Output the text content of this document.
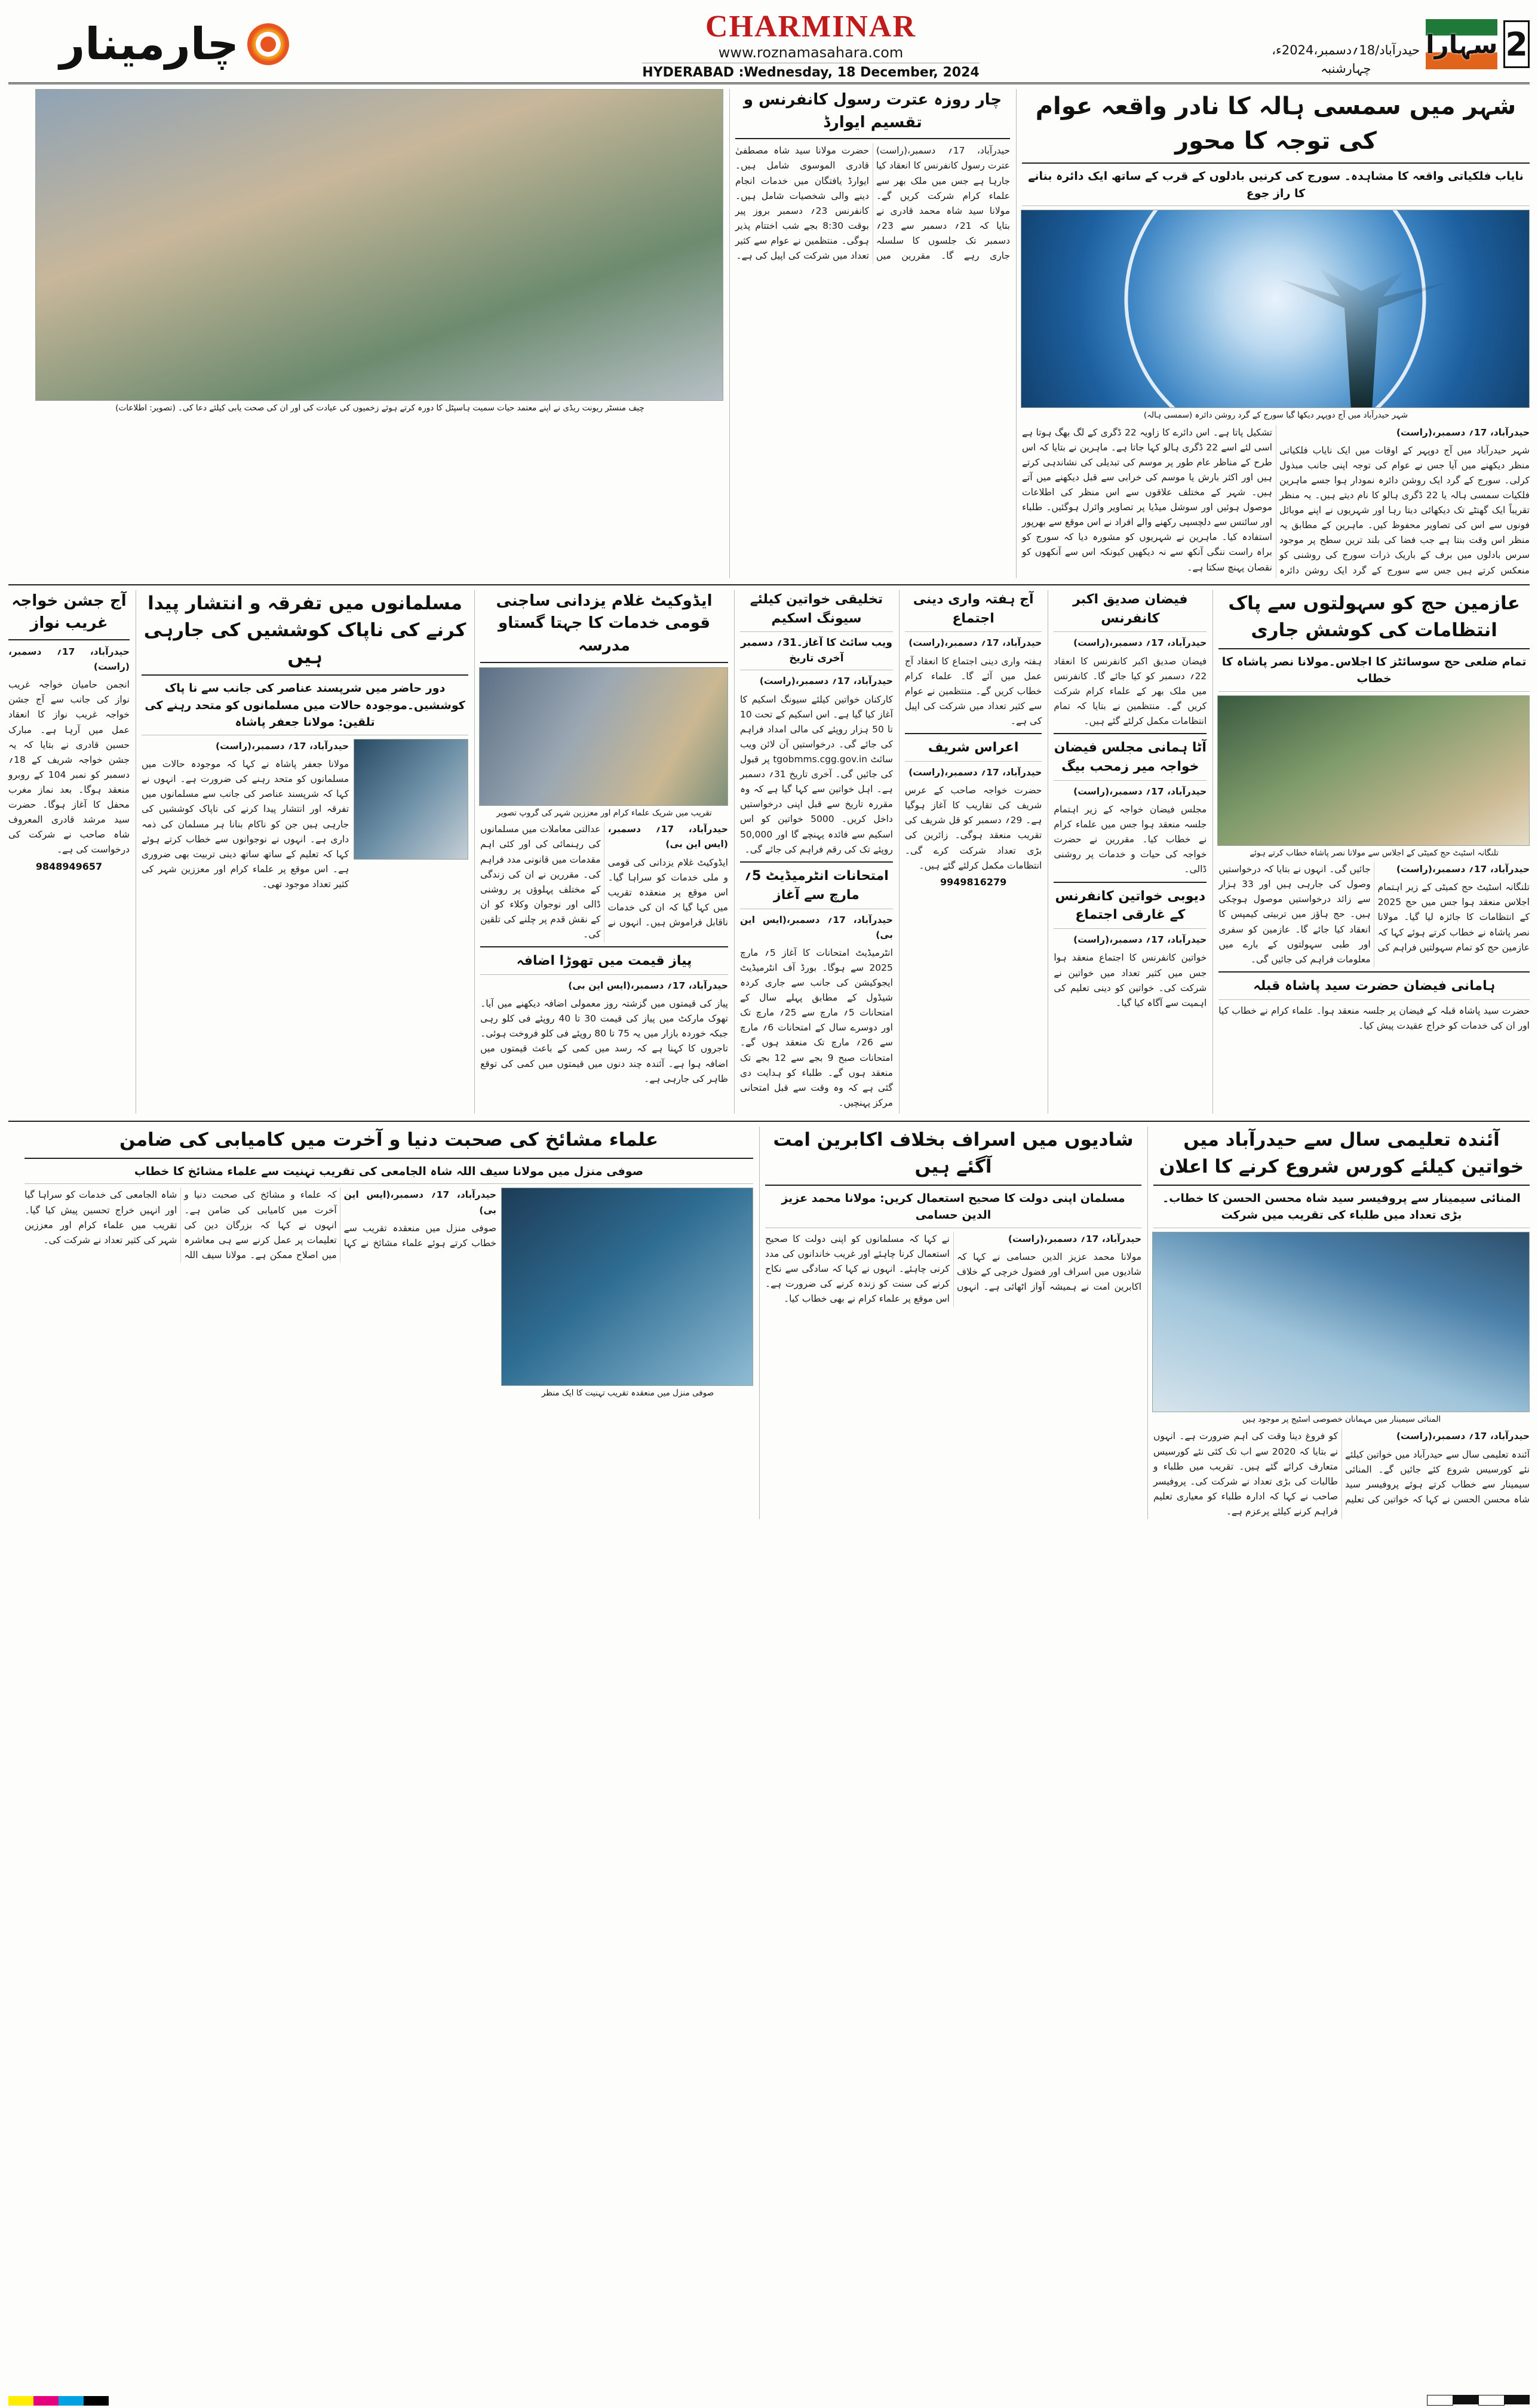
2
سہارا
حیدرآباد/18؍دسمبر،2024ء، چہارشنبہ
CHARMINAR
www.roznamasahara.com
HYDERABAD :Wednesday, 18 December, 2024
چارمینار
شہر میں سمسی ہالہ کا نادر واقعہ عوام کی توجہ کا محور
نایاب فلکیاتی واقعہ کا مشاہدہ۔ سورج کی کرنیں بادلوں کے قرب کے ساتھ ایک دائرہ بنانے کا راز جوع
شہر حیدرآباد میں آج دوپہر دیکھا گیا سورج کے گرد روشن دائرہ (سمسی ہالہ)

حیدرآباد، 17؍ دسمبر،(راست)

شہر حیدرآباد میں آج دوپہر کے اوقات میں ایک نایاب فلکیاتی منظر دیکھنے میں آیا جس نے عوام کی توجہ اپنی جانب مبذول کرلی۔ سورج کے گرد ایک روشن دائرہ نمودار ہوا جسے ماہرین فلکیات سمسی ہالہ یا 22 ڈگری ہالو کا نام دیتے ہیں۔ یہ منظر تقریباً ایک گھنٹے تک دیکھائی دیتا رہا اور شہریوں نے اپنے موبائل فونوں سے اس کی تصاویر محفوظ کیں۔ ماہرین کے مطابق یہ منظر اس وقت بنتا ہے جب فضا کی بلند ترین سطح پر موجود سرس بادلوں میں برف کے باریک ذرات سورج کی روشنی کو منعکس کرتے ہیں جس سے سورج کے گرد ایک روشن دائرہ تشکیل پاتا ہے۔ اس دائرے کا زاویہ 22 ڈگری کے لگ بھگ ہوتا ہے اسی لئے اسے 22 ڈگری ہالو کہا جاتا ہے۔ ماہرین نے بتایا کہ اس طرح کے مناظر عام طور پر موسم کی تبدیلی کی نشاندہی کرتے ہیں اور اکثر بارش یا موسم کی خرابی سے قبل دیکھنے میں آتے ہیں۔ شہر کے مختلف علاقوں سے اس منظر کی اطلاعات موصول ہوئیں اور سوشل میڈیا پر تصاویر وائرل ہوگئیں۔ طلباء اور سائنس سے دلچسپی رکھنے والے افراد نے اس موقع سے بھرپور استفادہ کیا۔ ماہرین نے شہریوں کو مشورہ دیا کہ سورج کو براہ راست ننگی آنکھ سے نہ دیکھیں کیونکہ اس سے آنکھوں کو نقصان پہنچ سکتا ہے۔

چار روزہ عترت رسول کانفرنس و تقسیم ایوارڈ
حیدرآباد، 17؍ دسمبر،(راست) عترت رسول کانفرنس کا انعقاد کیا جارہا ہے جس میں ملک بھر سے علماء کرام شرکت کریں گے۔ مولانا سید شاہ محمد قادری نے بتایا کہ 21؍ دسمبر سے 23؍ دسمبر تک جلسوں کا سلسلہ جاری رہے گا۔ مقررین میں حضرت مولانا سید شاہ مصطفیٰ قادری الموسوی شامل ہیں۔ ایوارڈ یافتگان میں خدمات انجام دینے والی شخصیات شامل ہیں۔ کانفرنس 23؍ دسمبر بروز پیر بوقت 8:30 بجے شب اختتام پذیر ہوگی۔ منتظمین نے عوام سے کثیر تعداد میں شرکت کی اپیل کی ہے۔
چیف منسٹر ریونت ریڈی نے اپنے معتمد حیات سمیت ہاسپٹل کا دورہ کرتے ہوئے زخمیوں کی عیادت کی اور ان کی صحت یابی کیلئے دعا کی۔ (تصویر: اطلاعات)
عازمین حج کو سہولتوں سے پاک انتظامات کی کوشش جاری
تمام ضلعی حج سوسائٹز کا اجلاس۔مولانا نصر پاشاہ کا خطاب
تلنگانہ اسٹیٹ حج کمیٹی کے اجلاس سے مولانا نصر پاشاہ خطاب کرتے ہوئے

حیدرآباد، 17؍ دسمبر،(راست)

تلنگانہ اسٹیٹ حج کمیٹی کے زیر اہتمام اجلاس منعقد ہوا جس میں حج 2025 کے انتظامات کا جائزہ لیا گیا۔ مولانا نصر پاشاہ نے خطاب کرتے ہوئے کہا کہ عازمین حج کو تمام سہولتیں فراہم کی جائیں گی۔ انہوں نے بتایا کہ درخواستیں وصول کی جارہی ہیں اور 33 ہزار سے زائد درخواستیں موصول ہوچکی ہیں۔ حج ہاؤز میں تربیتی کیمپس کا انعقاد کیا جائے گا۔ عازمین کو سفری اور طبی سہولتوں کے بارے میں معلومات فراہم کی جائیں گی۔

ہامانی فیضان حضرت سید پاشاہ قبلہ
حضرت سید پاشاہ قبلہ کے فیضان پر جلسہ منعقد ہوا۔ علماء کرام نے خطاب کیا اور ان کی خدمات کو خراج عقیدت پیش کیا۔
فیضان صدیق اکبر کانفرنس

حیدرآباد، 17؍ دسمبر،(راست)

فیضان صدیق اکبر کانفرنس کا انعقاد 22؍ دسمبر کو کیا جائے گا۔ کانفرنس میں ملک بھر کے علماء کرام شرکت کریں گے۔ منتظمین نے بتایا کہ تمام انتظامات مکمل کرلئے گئے ہیں۔

آٹا ہمانی مجلس فیضان خواجہ میر زمحب بیگ

حیدرآباد، 17؍ دسمبر،(راست)

مجلس فیضان خواجہ کے زیر اہتمام جلسہ منعقد ہوا جس میں علماء کرام نے خطاب کیا۔ مقررین نے حضرت خواجہ کی حیات و خدمات پر روشنی ڈالی۔

دیوبی خواتین کانفرنس کے غارقی اجتماع

حیدرآباد، 17؍ دسمبر،(راست)

خواتین کانفرنس کا اجتماع منعقد ہوا جس میں کثیر تعداد میں خواتین نے شرکت کی۔ خواتین کو دینی تعلیم کی اہمیت سے آگاہ کیا گیا۔

آج ہفتہ واری دینی اجتماع

حیدرآباد، 17؍ دسمبر،(راست)

ہفتہ واری دینی اجتماع کا انعقاد آج عمل میں آئے گا۔ علماء کرام خطاب کریں گے۔ منتظمین نے عوام سے کثیر تعداد میں شرکت کی اپیل کی ہے۔

اعراس شریف

حیدرآباد، 17؍ دسمبر،(راست)

حضرت خواجہ صاحب کے عرس شریف کی تقاریب کا آغاز ہوگیا ہے۔ 29؍ دسمبر کو قل شریف کی تقریب منعقد ہوگی۔ زائرین کی بڑی تعداد شرکت کرے گی۔ انتظامات مکمل کرلئے گئے ہیں۔

9949816279
تخلیقی خواتین کیلئے سیونگ اسکیم
ویب سائٹ کا آغاز۔31؍ دسمبر آخری تاریخ

حیدرآباد، 17؍ دسمبر،(راست)

کارکنان خواتین کیلئے سیونگ اسکیم کا آغاز کیا گیا ہے۔ اس اسکیم کے تحت 10 تا 50 ہزار روپئے کی مالی امداد فراہم کی جائے گی۔ درخواستیں آن لائن ویب سائٹ tgobmms.cgg.gov.in پر قبول کی جائیں گی۔ آخری تاریخ 31؍ دسمبر ہے۔ اہل خواتین سے کہا گیا ہے کہ وہ مقررہ تاریخ سے قبل اپنی درخواستیں داخل کریں۔ 5000 خواتین کو اس اسکیم سے فائدہ پہنچے گا اور 50,000 روپئے تک کی رقم فراہم کی جائے گی۔

امتحانات انٹرمیڈیٹ 5؍ مارچ سے آغاز

حیدرآباد، 17؍ دسمبر،(ایس این بی)

انٹرمیڈیٹ امتحانات کا آغاز 5؍ مارچ 2025 سے ہوگا۔ بورڈ آف انٹرمیڈیٹ ایجوکیشن کی جانب سے جاری کردہ شیڈول کے مطابق پہلے سال کے امتحانات 5؍ مارچ سے 25؍ مارچ تک اور دوسرے سال کے امتحانات 6؍ مارچ سے 26؍ مارچ تک منعقد ہوں گے۔ امتحانات صبح 9 بجے سے 12 بجے تک منعقد ہوں گے۔ طلباء کو ہدایت دی گئی ہے کہ وہ وقت سے قبل امتحانی مرکز پہنچیں۔

ایڈوکیٹ غلام یزدانی ساجنی قومی خدمات کا جہتا گستاو مدرسہ
تقریب میں شریک علماء کرام اور معززین شہر کی گروپ تصویر

حیدرآباد، 17؍ دسمبر،(ایس این بی)

ایڈوکیٹ غلام یزدانی کی قومی و ملی خدمات کو سراہا گیا۔ اس موقع پر منعقدہ تقریب میں کہا گیا کہ ان کی خدمات ناقابل فراموش ہیں۔ انہوں نے عدالتی معاملات میں مسلمانوں کی رہنمائی کی اور کئی اہم مقدمات میں قانونی مدد فراہم کی۔ مقررین نے ان کی زندگی کے مختلف پہلوؤں پر روشنی ڈالی اور نوجوان وکلاء کو ان کے نقش قدم پر چلنے کی تلقین کی۔

پیاز قیمت میں تھوڑا اضافہ

حیدرآباد، 17؍ دسمبر،(ایس این بی)

پیاز کی قیمتوں میں گزشتہ روز معمولی اضافہ دیکھنے میں آیا۔ تھوک مارکٹ میں پیاز کی قیمت 30 تا 40 روپئے فی کلو رہی جبکہ خوردہ بازار میں یہ 75 تا 80 روپئے فی کلو فروخت ہوئی۔ تاجروں کا کہنا ہے کہ رسد میں کمی کے باعث قیمتوں میں اضافہ ہوا ہے۔ آئندہ چند دنوں میں قیمتوں میں کمی کی توقع ظاہر کی جارہی ہے۔

مسلمانوں میں تفرقہ و انتشار پیدا کرنے کی ناپاک کوششیں کی جارہی ہیں
دور حاضر میں شرپسند عناصر کی جانب سے نا پاک کوششیں۔موجودہ حالات میں مسلمانوں کو متحد رہنے کی تلقین: مولانا جعفر پاشاہ

حیدرآباد، 17؍ دسمبر،(راست)

مولانا جعفر پاشاہ نے کہا کہ موجودہ حالات میں مسلمانوں کو متحد رہنے کی ضرورت ہے۔ انہوں نے کہا کہ شرپسند عناصر کی جانب سے مسلمانوں میں تفرقہ اور انتشار پیدا کرنے کی ناپاک کوششیں کی جارہی ہیں جن کو ناکام بنانا ہر مسلمان کی ذمہ داری ہے۔ انہوں نے نوجوانوں سے خطاب کرتے ہوئے کہا کہ تعلیم کے ساتھ ساتھ دینی تربیت بھی ضروری ہے۔ اس موقع پر علماء کرام اور معززین شہر کی کثیر تعداد موجود تھی۔

آج جشن خواجہ غریب نواز

حیدرآباد، 17؍ دسمبر،(راست)

انجمن حامیان خواجہ غریب نواز کی جانب سے آج جشن خواجہ غریب نواز کا انعقاد عمل میں آرہا ہے۔ مبارک حسین قادری نے بتایا کہ یہ جشن خواجہ شریف کے 18؍ دسمبر کو نمبر 104 کے روبرو منعقد ہوگا۔ بعد نماز مغرب محفل کا آغاز ہوگا۔ حضرت سید مرشد قادری المعروف شاہ صاحب نے شرکت کی درخواست کی ہے۔

9848949657
آئندہ تعلیمی سال سے حیدرآباد میں خواتین کیلئے کورس شروع کرنے کا اعلان
المنائی سیمینار سے پروفیسر سید شاہ محسن الحسن کا خطاب۔ بڑی تعداد میں طلباء کی تقریب میں شرکت
المنائی سیمینار میں مہمانان خصوصی اسٹیج پر موجود ہیں

حیدرآباد، 17؍ دسمبر،(راست)

آئندہ تعلیمی سال سے حیدرآباد میں خواتین کیلئے نئے کورسیس شروع کئے جائیں گے۔ المنائی سیمینار سے خطاب کرتے ہوئے پروفیسر سید شاہ محسن الحسن نے کہا کہ خواتین کی تعلیم کو فروغ دینا وقت کی اہم ضرورت ہے۔ انہوں نے بتایا کہ 2020 سے اب تک کئی نئے کورسیس متعارف کرائے گئے ہیں۔ تقریب میں طلباء و طالبات کی بڑی تعداد نے شرکت کی۔ پروفیسر صاحب نے کہا کہ ادارہ طلباء کو معیاری تعلیم فراہم کرنے کیلئے پرعزم ہے۔

شادیوں میں اسراف بخلاف اکابرین امت آگئے ہیں
مسلمان اپنی دولت کا صحیح استعمال کریں: مولانا محمد عزیز الدین حسامی

حیدرآباد، 17؍ دسمبر،(راست)

مولانا محمد عزیز الدین حسامی نے کہا کہ شادیوں میں اسراف اور فضول خرچی کے خلاف اکابرین امت نے ہمیشہ آواز اٹھائی ہے۔ انہوں نے کہا کہ مسلمانوں کو اپنی دولت کا صحیح استعمال کرنا چاہئے اور غریب خاندانوں کی مدد کرنی چاہئے۔ انہوں نے کہا کہ سادگی سے نکاح کرنے کی سنت کو زندہ کرنے کی ضرورت ہے۔ اس موقع پر علماء کرام نے بھی خطاب کیا۔

علماء مشائخ کی صحبت دنیا و آخرت میں کامیابی کی ضامن
صوفی منزل میں مولانا سیف اللہ شاہ الجامعی کی تقریب تہنیت سے علماء مشائخ کا خطاب
صوفی منزل میں منعقدہ تقریب تہنیت کا ایک منظر

حیدرآباد، 17؍ دسمبر،(ایس این بی)

صوفی منزل میں منعقدہ تقریب سے خطاب کرتے ہوئے علماء مشائخ نے کہا کہ علماء و مشائخ کی صحبت دنیا و آخرت میں کامیابی کی ضامن ہے۔ انہوں نے کہا کہ بزرگان دین کی تعلیمات پر عمل کرنے سے ہی معاشرہ میں اصلاح ممکن ہے۔ مولانا سیف اللہ شاہ الجامعی کی خدمات کو سراہا گیا اور انہیں خراج تحسین پیش کیا گیا۔ تقریب میں علماء کرام اور معززین شہر کی کثیر تعداد نے شرکت کی۔
